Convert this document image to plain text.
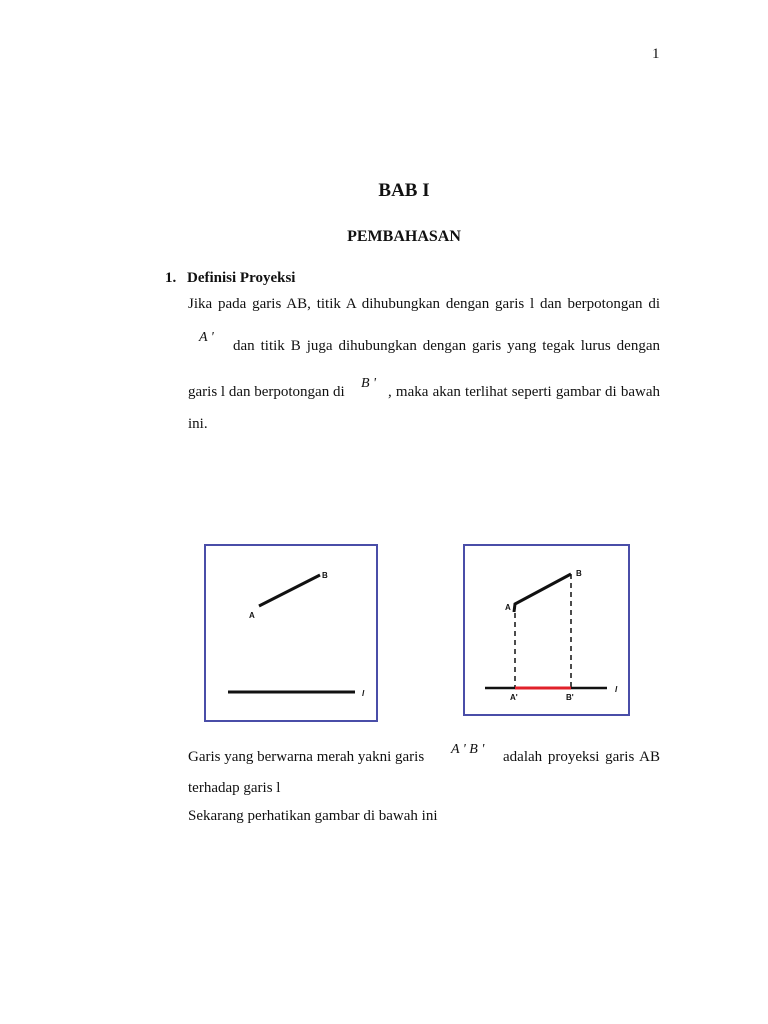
1
BAB I
PEMBAHASAN
1. Definisi Proyeksi
Jika pada garis AB, titik A dihubungkan dengan garis l dan berpotongan di
A '
dan titik B juga dihubungkan dengan garis yang tegak lurus dengan
garis l dan berpotongan di
B '
, maka akan terlihat seperti gambar di bawah
ini.
A
B
l
A
B
A'	B'
l
Garis yang berwarna merah yakni garis A ' B ' adalah proyeksi garis AB
terhadap garis l
Sekarang perhatikan gambar di bawah ini
